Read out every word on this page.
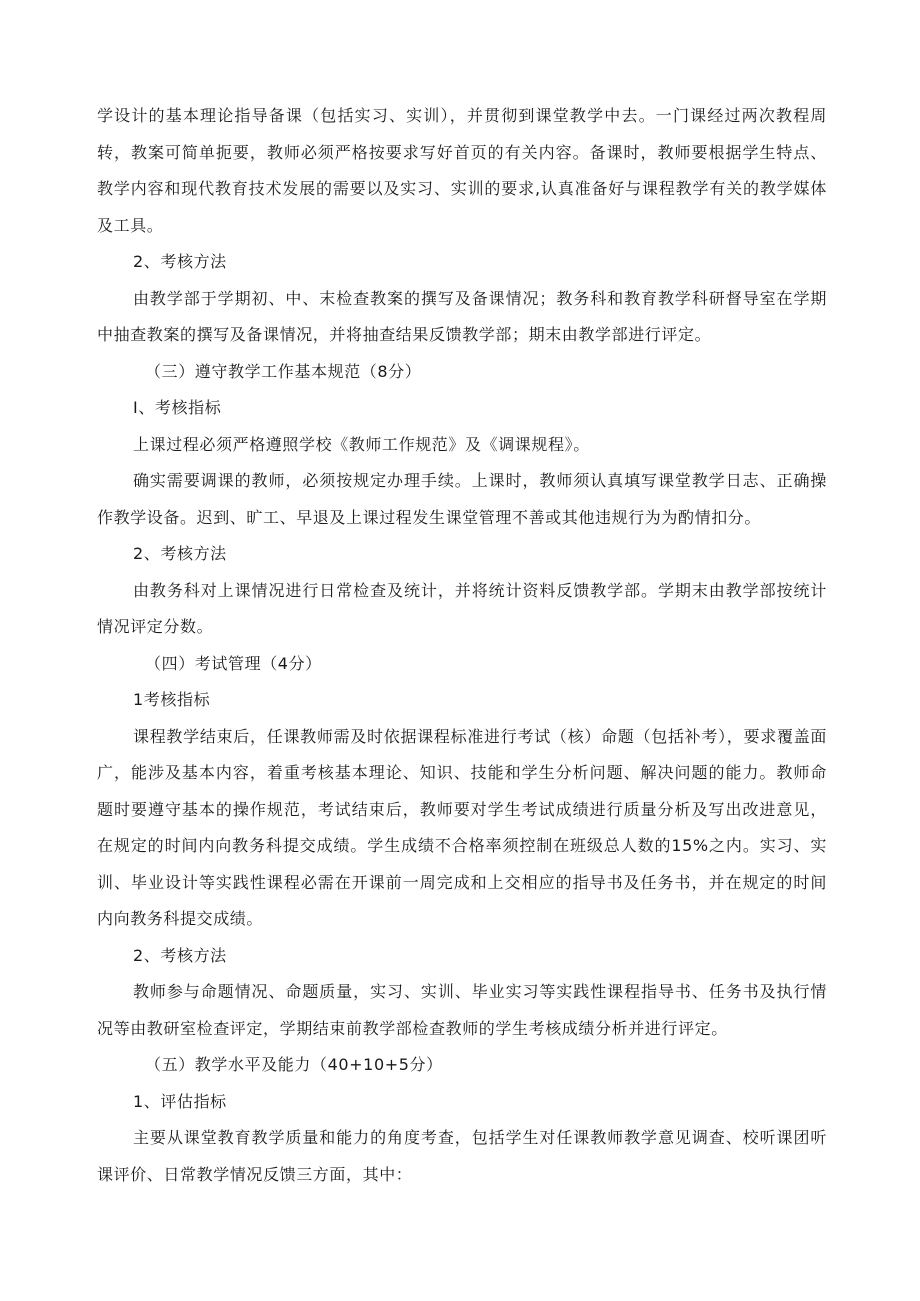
学设计的基本理论指导备课（包括实习、实训），并贯彻到课堂教学中去。一门课经过两次教程周转，教案可简单扼要，教师必须严格按要求写好首页的有关内容。备课时，教师要根据学生特点、教学内容和现代教育技术发展的需要以及实习、实训的要求,认真准备好与课程教学有关的教学媒体及工具。

2、考核方法

由教学部于学期初、中、末检查教案的撰写及备课情况；教务科和教育教学科研督导室在学期中抽查教案的撰写及备课情况，并将抽查结果反馈教学部；期末由教学部进行评定。

（三）遵守教学工作基本规范（8分）

I、考核指标

上课过程必须严格遵照学校《教师工作规范》及《调课规程》。

确实需要调课的教师，必须按规定办理手续。上课时，教师须认真填写课堂教学日志、正确操作教学设备。迟到、旷工、早退及上课过程发生课堂管理不善或其他违规行为为酌情扣分。

2、考核方法

由教务科对上课情况进行日常检查及统计，并将统计资料反馈教学部。学期末由教学部按统计情况评定分数。

（四）考试管理（4分）

1考核指标

课程教学结束后，任课教师需及时依据课程标准进行考试（核）命题（包括补考），要求覆盖面广，能涉及基本内容，着重考核基本理论、知识、技能和学生分析问题、解决问题的能力。教师命题时要遵守基本的操作规范，考试结束后，教师要对学生考试成绩进行质量分析及写出改进意见，在规定的时间内向教务科提交成绩。学生成绩不合格率须控制在班级总人数的15%之内。实习、实训、毕业设计等实践性课程必需在开课前一周完成和上交相应的指导书及任务书，并在规定的时间内向教务科提交成绩。

2、考核方法

教师参与命题情况、命题质量，实习、实训、毕业实习等实践性课程指导书、任务书及执行情况等由教研室检查评定，学期结束前教学部检查教师的学生考核成绩分析并进行评定。

（五）教学水平及能力（40+10+5分）

1、评估指标

主要从课堂教育教学质量和能力的角度考查，包括学生对任课教师教学意见调查、校听课团听课评价、日常教学情况反馈三方面，其中：
